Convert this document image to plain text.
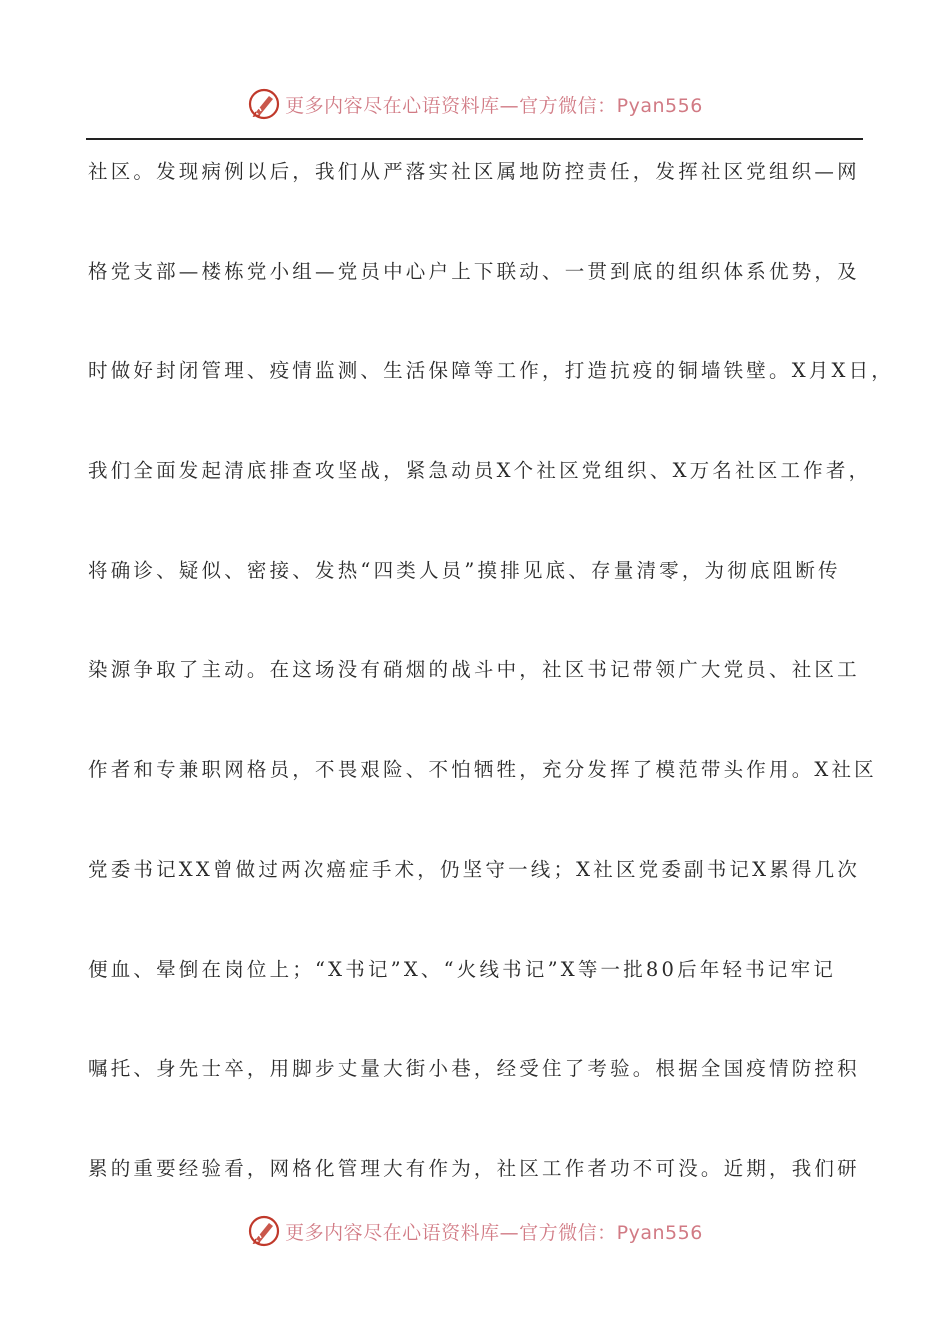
更多内容尽在心语资料库—官方微信：Pyan556
社区。发现病例以后，我们从严落实社区属地防控责任，发挥社区党组织—网
格党支部—楼栋党小组—党员中心户上下联动、一贯到底的组织体系优势，及
时做好封闭管理、疫情监测、生活保障等工作，打造抗疫的铜墙铁壁。X月X日，
我们全面发起清底排查攻坚战，紧急动员X个社区党组织、X万名社区工作者，
将确诊、疑似、密接、发热“四类人员”摸排见底、存量清零，为彻底阻断传
染源争取了主动。在这场没有硝烟的战斗中，社区书记带领广大党员、社区工
作者和专兼职网格员，不畏艰险、不怕牺牲，充分发挥了模范带头作用。X社区
党委书记XX曾做过两次癌症手术，仍坚守一线；X社区党委副书记X累得几次
便血、晕倒在岗位上；“X书记”X、“火线书记”X等一批80后年轻书记牢记
嘱托、身先士卒，用脚步丈量大街小巷，经受住了考验。根据全国疫情防控积
累的重要经验看，网格化管理大有作为，社区工作者功不可没。近期，我们研
更多内容尽在心语资料库—官方微信：Pyan556
